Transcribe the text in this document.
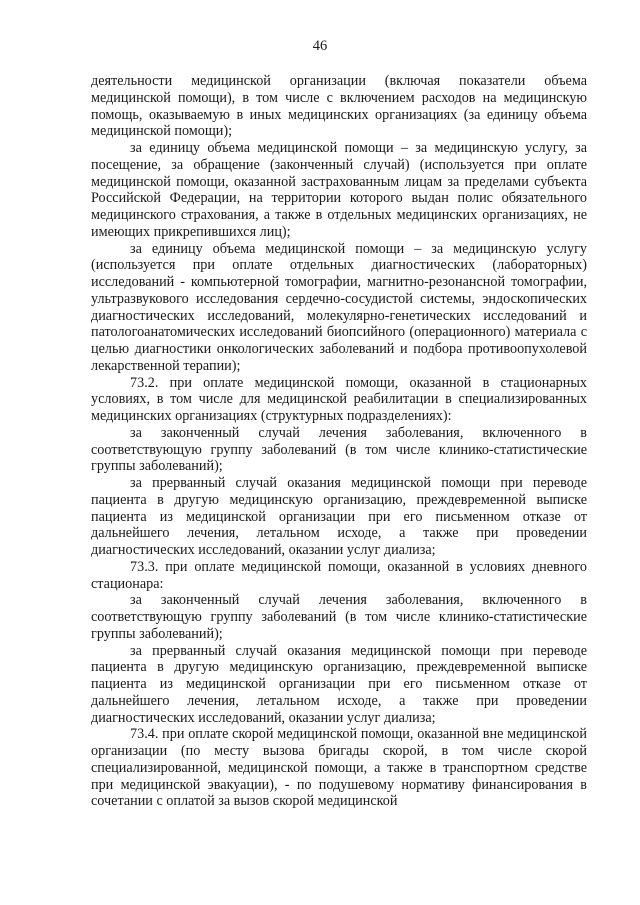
46

деятельности медицинской организации (включая показатели объема медицинской помощи), в том числе с включением расходов на медицинскую помощь, оказываемую в иных медицинских организациях (за единицу объема медицинской помощи);

за единицу объема медицинской помощи – за медицинскую услугу, за посещение, за обращение (законченный случай) (используется при оплате медицинской помощи, оказанной застрахованным лицам за пределами субъекта Российской Федерации, на территории которого выдан полис обязательного медицинского страхования, а также в отдельных медицинских организациях, не имеющих прикрепившихся лиц);

за единицу объема медицинской помощи – за медицинскую услугу (используется при оплате отдельных диагностических (лабораторных) исследований - компьютерной томографии, магнитно-резонансной томографии, ультразвукового исследования сердечно-сосудистой системы, эндоскопических диагностических исследований, молекулярно-генетических исследований и патологоанатомических исследований биопсийного (операционного) материала с целью диагностики онкологических заболеваний и подбора противоопухолевой лекарственной терапии);

73.2. при оплате медицинской помощи, оказанной в стационарных условиях, в том числе для медицинской реабилитации в специализированных медицинских организациях (структурных подразделениях):

за законченный случай лечения заболевания, включенного в соответствующую группу заболеваний (в том числе клинико-статистические группы заболеваний);

за прерванный случай оказания медицинской помощи при переводе пациента в другую медицинскую организацию, преждевременной выписке пациента из медицинской организации при его письменном отказе от дальнейшего лечения, летальном исходе, а также при проведении диагностических исследований, оказании услуг диализа;

73.3. при оплате медицинской помощи, оказанной в условиях дневного стационара:

за законченный случай лечения заболевания, включенного в соответствующую группу заболеваний (в том числе клинико-статистические группы заболеваний);

за прерванный случай оказания медицинской помощи при переводе пациента в другую медицинскую организацию, преждевременной выписке пациента из медицинской организации при его письменном отказе от дальнейшего лечения, летальном исходе, а также при проведении диагностических исследований, оказании услуг диализа;

73.4. при оплате скорой медицинской помощи, оказанной вне медицинской организации (по месту вызова бригады скорой, в том числе скорой специализированной, медицинской помощи, а также в транспортном средстве при медицинской эвакуации), - по подушевому нормативу финансирования в сочетании с оплатой за вызов скорой медицинской
